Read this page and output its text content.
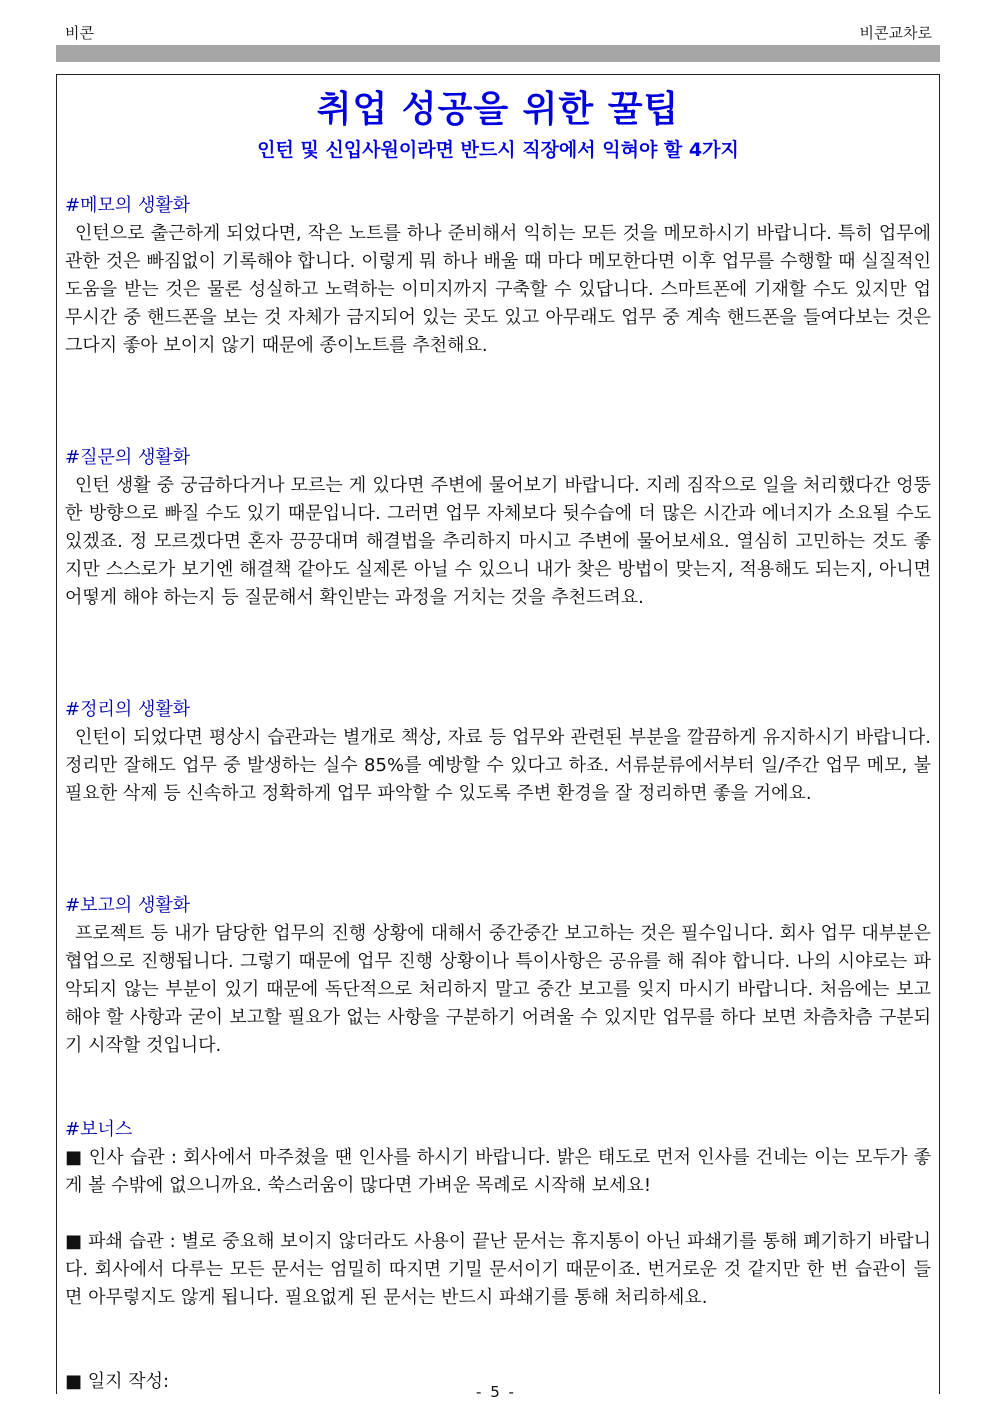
비콘	비콘교차로
취업 성공을 위한 꿀팁
인턴 및 신입사원이라면 반드시 직장에서 익혀야 할 4가지
#메모의 생활화

인턴으로 출근하게 되었다면, 작은 노트를 하나 준비해서 익히는 모든 것을 메모하시기 바랍니다. 특히 업무에 관한 것은 빠짐없이 기록해야 합니다. 이렇게 뭐 하나 배울 때 마다 메모한다면 이후 업무를 수행할 때 실질적인 도움을 받는 것은 물론 성실하고 노력하는 이미지까지 구축할 수 있답니다. 스마트폰에 기재할 수도 있지만 업무시간 중 핸드폰을 보는 것 자체가 금지되어 있는 곳도 있고 아무래도 업무 중 계속 핸드폰을 들여다보는 것은 그다지 좋아 보이지 않기 때문에 종이노트를 추천해요.

#질문의 생활화

인턴 생활 중 궁금하다거나 모르는 게 있다면 주변에 물어보기 바랍니다. 지레 짐작으로 일을 처리했다간 엉뚱한 방향으로 빠질 수도 있기 때문입니다. 그러면 업무 자체보다 뒷수습에 더 많은 시간과 에너지가 소요될 수도 있겠죠. 정 모르겠다면 혼자 끙끙대며 해결법을 추리하지 마시고 주변에 물어보세요. 열심히 고민하는 것도 좋지만 스스로가 보기엔 해결책 같아도 실제론 아닐 수 있으니 내가 찾은 방법이 맞는지, 적용해도 되는지, 아니면 어떻게 해야 하는지 등 질문해서 확인받는 과정을 거치는 것을 추천드려요.

#정리의 생활화

인턴이 되었다면 평상시 습관과는 별개로 책상, 자료 등 업무와 관련된 부분을 깔끔하게 유지하시기 바랍니다. 정리만 잘해도 업무 중 발생하는 실수 85%를 예방할 수 있다고 하죠. 서류분류에서부터 일/주간 업무 메모, 불필요한 삭제 등 신속하고 정확하게 업무 파악할 수 있도록 주변 환경을 잘 정리하면 좋을 거에요.

#보고의 생활화

프로젝트 등 내가 담당한 업무의 진행 상황에 대해서 중간중간 보고하는 것은 필수입니다. 회사 업무 대부분은 협업으로 진행됩니다. 그렇기 때문에 업무 진행 상황이나 특이사항은 공유를 해 줘야 합니다. 나의 시야로는 파악되지 않는 부분이 있기 때문에 독단적으로 처리하지 말고 중간 보고를 잊지 마시기 바랍니다. 처음에는 보고해야 할 사항과 굳이 보고할 필요가 없는 사항을 구분하기 어려울 수 있지만 업무를 하다 보면 차츰차츰 구분되기 시작할 것입니다.

#보너스

■ 인사 습관 : 회사에서 마주쳤을 땐 인사를 하시기 바랍니다. 밝은 태도로 먼저 인사를 건네는 이는 모두가 좋게 볼 수밖에 없으니까요. 쑥스러움이 많다면 가벼운 목례로 시작해 보세요!

■ 파쇄 습관 : 별로 중요해 보이지 않더라도 사용이 끝난 문서는 휴지통이 아닌 파쇄기를 통해 폐기하기 바랍니다. 회사에서 다루는 모든 문서는 엄밀히 따지면 기밀 문서이기 때문이죠. 번거로운 것 같지만 한 번 습관이 들면 아무렇지도 않게 됩니다. 필요없게 된 문서는 반드시 파쇄기를 통해 처리하세요.

■ 일지 작성:	- 5 -
